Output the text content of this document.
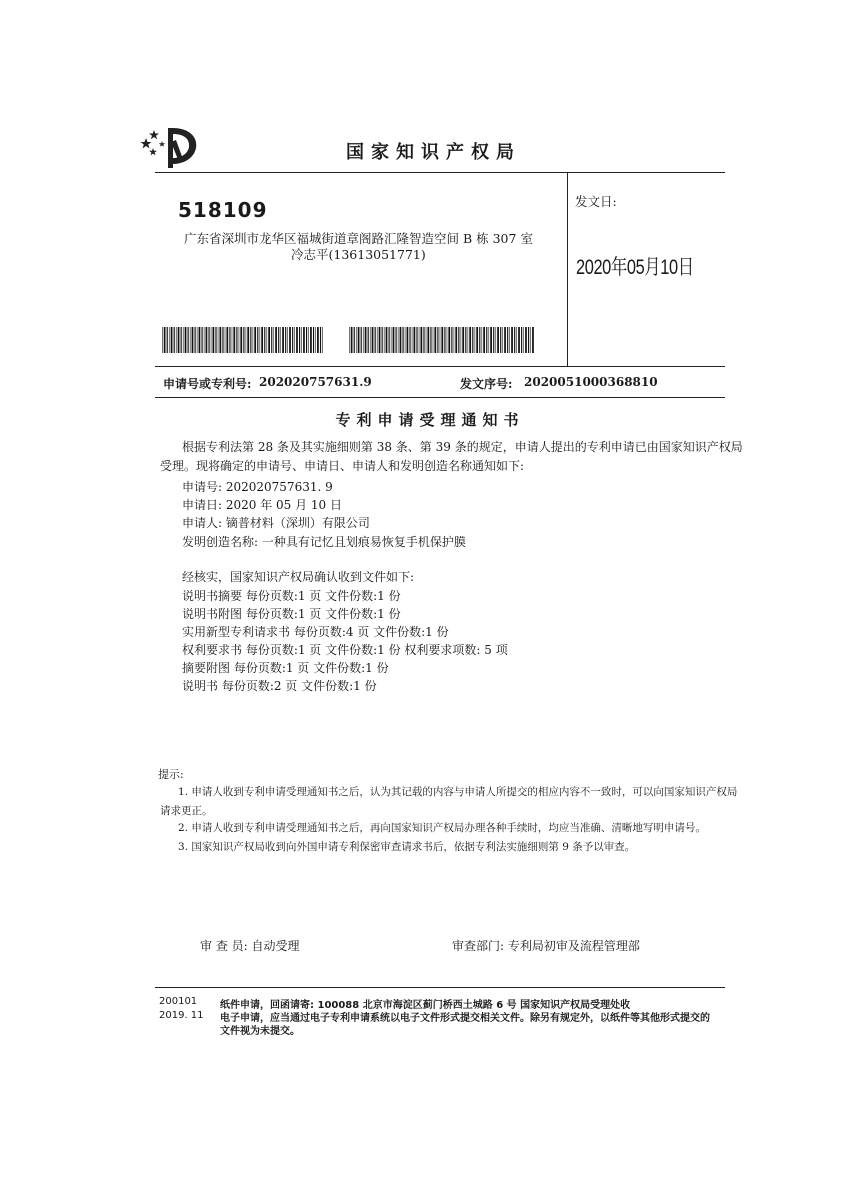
国家知识产权局
518109
广东省深圳市龙华区福城街道章阁路汇隆智造空间 B 栋 307 室
冷志平(13613051771)
发文日:
2020年05月10日
申请号或专利号: 202020757631.9	发文序号: 2020051000368810
专利申请受理通知书
根据专利法第 28 条及其实施细则第 38 条、第 39 条的规定，申请人提出的专利申请已由国家知识产权局
受理。现将确定的申请号、申请日、申请人和发明创造名称通知如下:
申请号: 202020757631. 9
申请日: 2020 年 05 月 10 日
申请人: 镝普材料（深圳）有限公司
发明创造名称: 一种具有记忆且划痕易恢复手机保护膜
经核实，国家知识产权局确认收到文件如下:
说明书摘要 每份页数:1 页 文件份数:1 份
说明书附图 每份页数:1 页 文件份数:1 份
实用新型专利请求书 每份页数:4 页 文件份数:1 份
权利要求书 每份页数:1 页 文件份数:1 份 权利要求项数: 5 项
摘要附图 每份页数:1 页 文件份数:1 份
说明书 每份页数:2 页 文件份数:1 份
提示:
1. 申请人收到专利申请受理通知书之后，认为其记载的内容与申请人所提交的相应内容不一致时，可以向国家知识产权局
请求更正。
2. 申请人收到专利申请受理通知书之后，再向国家知识产权局办理各种手续时，均应当准确、清晰地写明申请号。
3. 国家知识产权局收到向外国申请专利保密审查请求书后，依据专利法实施细则第 9 条予以审查。
审 查 员: 自动受理	审查部门: 专利局初审及流程管理部
200101
2019. 11
纸件申请，回函请寄: 100088 北京市海淀区蓟门桥西土城路 6 号 国家知识产权局受理处收
电子申请，应当通过电子专利申请系统以电子文件形式提交相关文件。除另有规定外，以纸件等其他形式提交的
文件视为未提交。
